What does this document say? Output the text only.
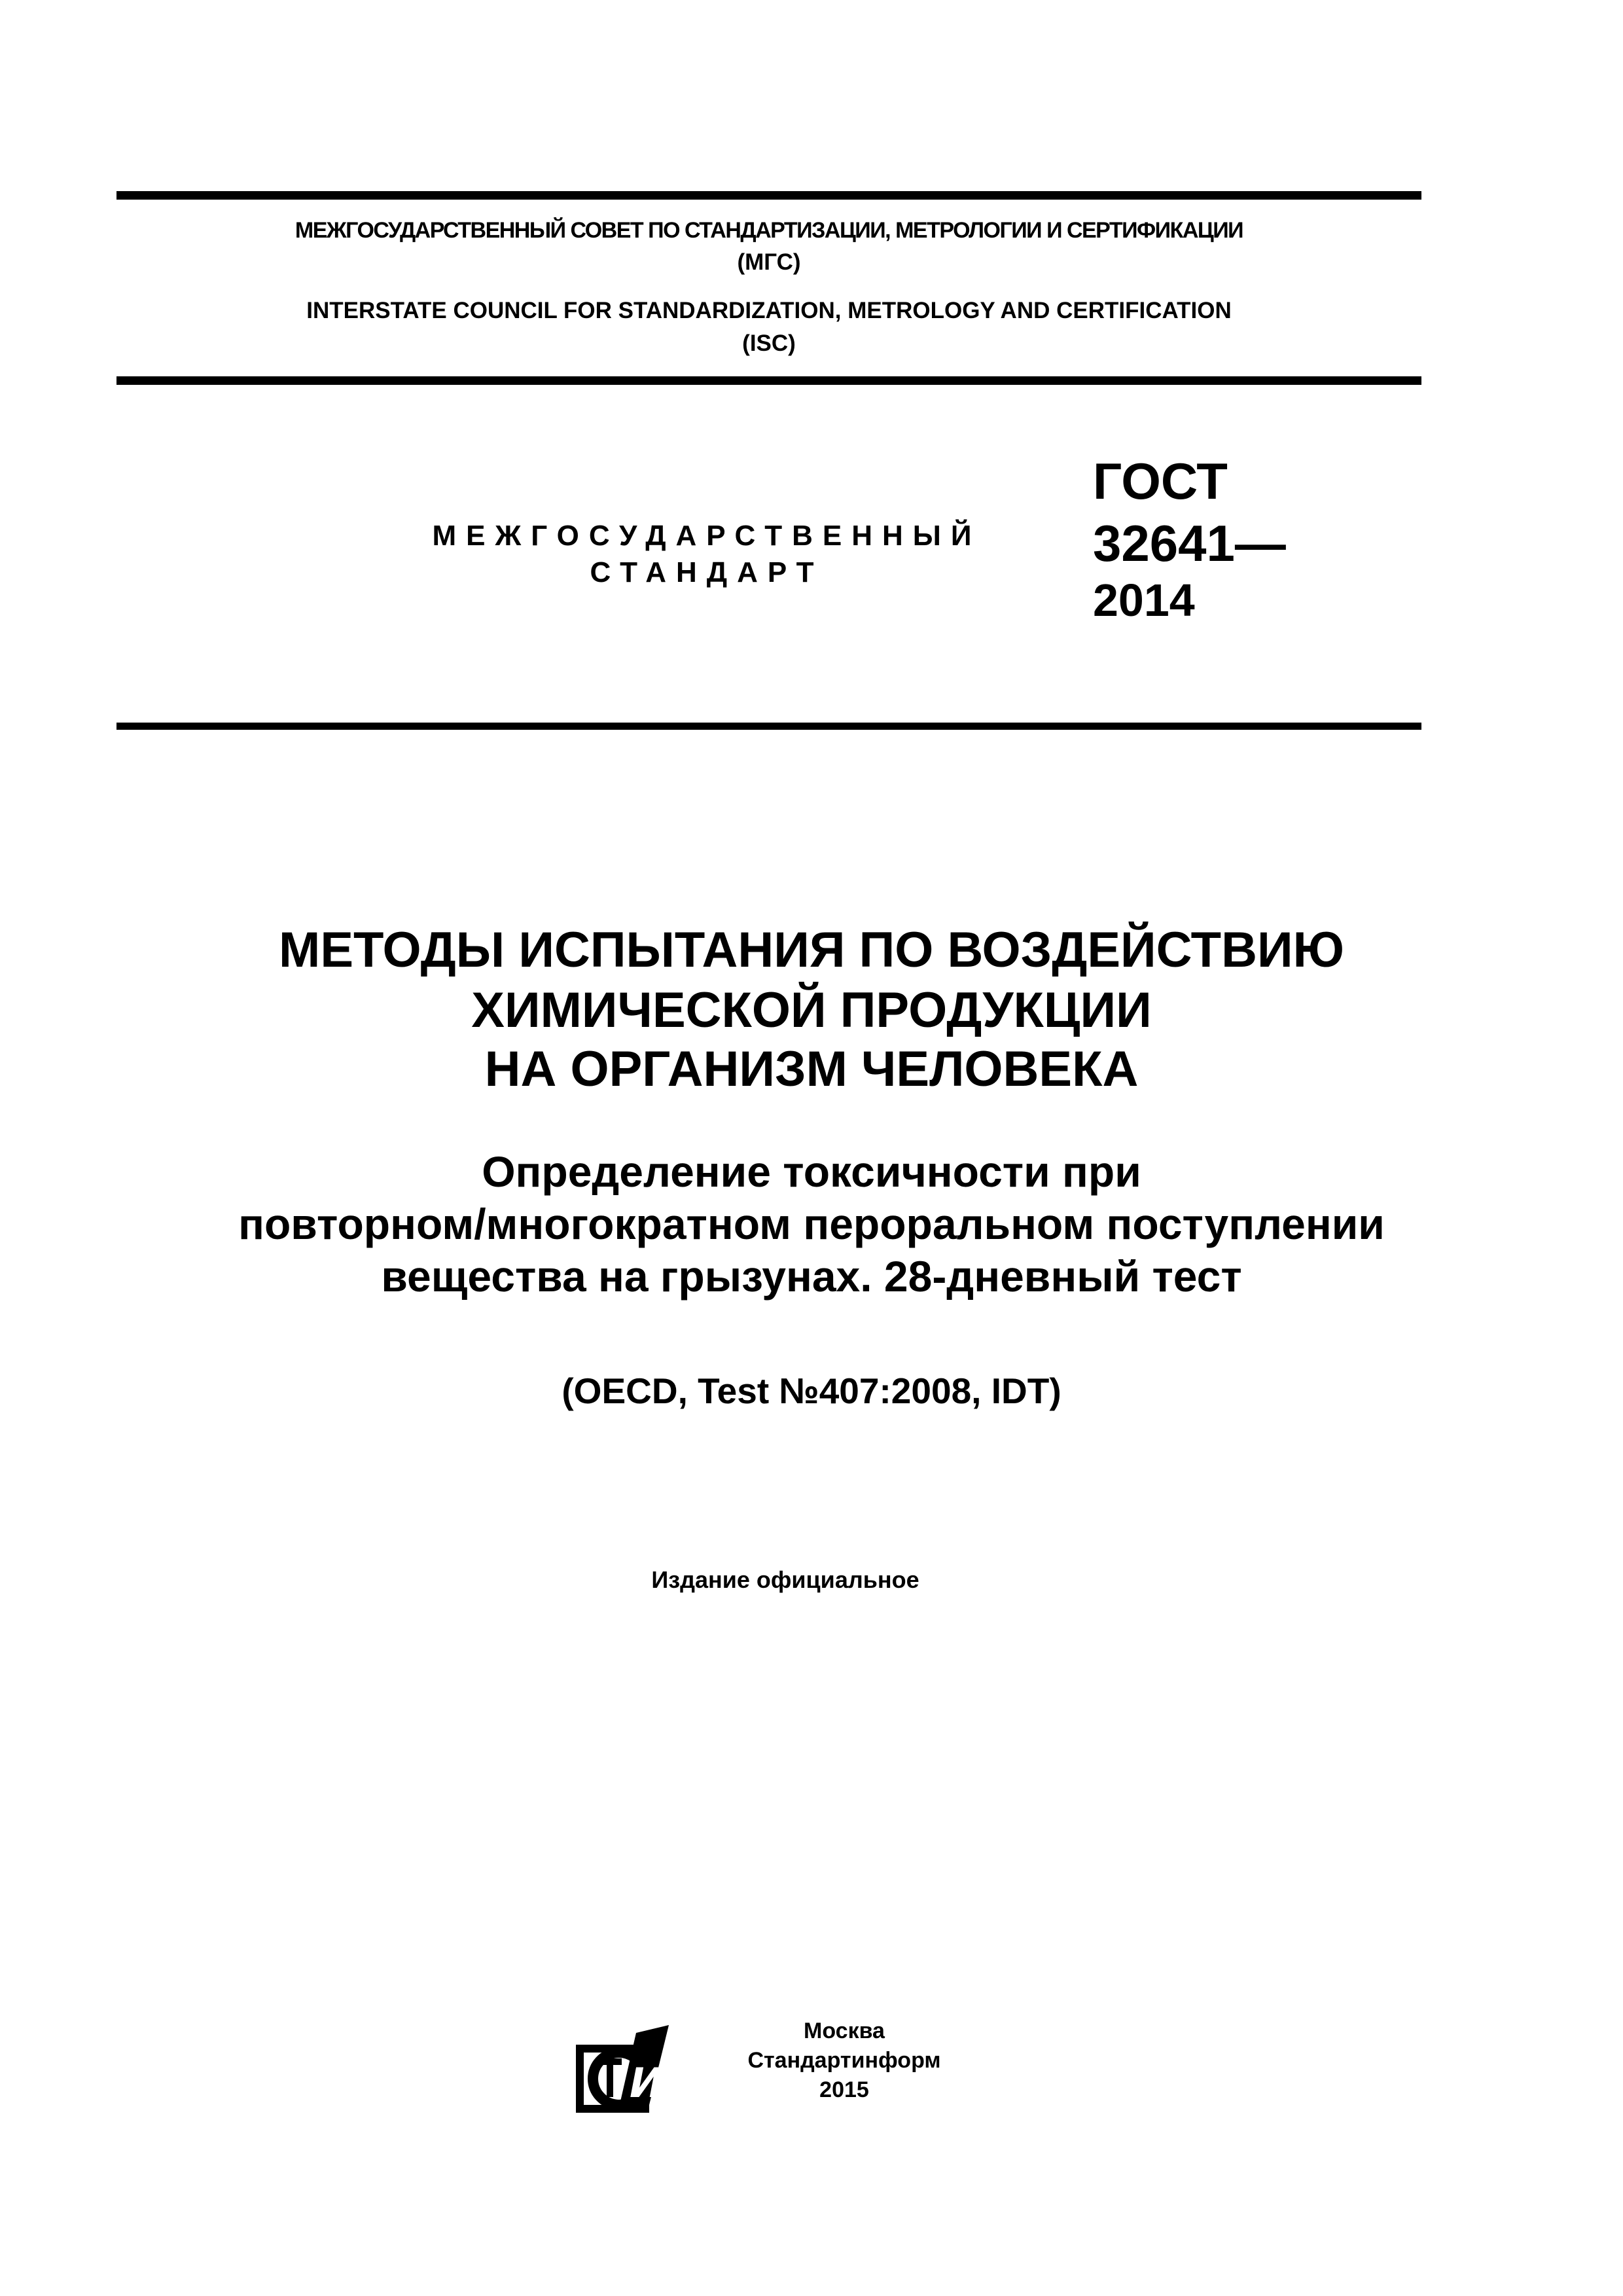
МЕЖГОСУДАРСТВЕННЫЙ СОВЕТ ПО СТАНДАРТИЗАЦИИ, МЕТРОЛОГИИ И СЕРТИФИКАЦИИ
(МГС)
INTERSTATE COUNCIL FOR STANDARDIZATION, METROLOGY AND CERTIFICATION
(ISC)
МЕЖГОСУДАРСТВЕННЫЙ
СТАНДАРТ
ГОСТ
32641—
2014
МЕТОДЫ ИСПЫТАНИЯ ПО ВОЗДЕЙСТВИЮ
ХИМИЧЕСКОЙ ПРОДУКЦИИ
НА ОРГАНИЗМ ЧЕЛОВЕКА
Определение токсичности при
повторном/многократном пероральном поступлении
вещества на грызунах. 28-дневный тест
(OECD, Test №407:2008, IDT)
Издание официальное
И
Москва
Стандартинформ
2015
